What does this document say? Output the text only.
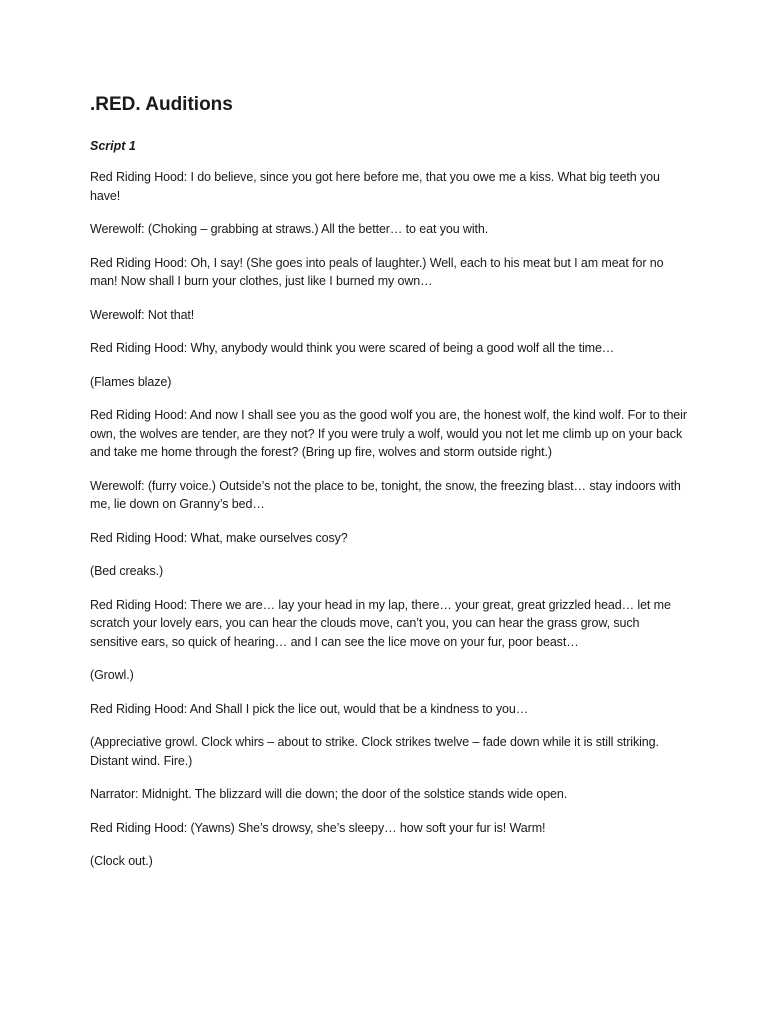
.RED. Auditions
Script 1

Red Riding Hood: I do believe, since you got here before me, that you owe me a kiss. What big teeth you have!

Werewolf: (Choking – grabbing at straws.) All the better… to eat you with.

Red Riding Hood: Oh, I say! (She goes into peals of laughter.) Well, each to his meat but I am meat for no man! Now shall I burn your clothes, just like I burned my own…

Werewolf: Not that!

Red Riding Hood: Why, anybody would think you were scared of being a good wolf all the time…

(Flames blaze)

Red Riding Hood: And now I shall see you as the good wolf you are, the honest wolf, the kind wolf. For to their own, the wolves are tender, are they not? If you were truly a wolf, would you not let me climb up on your back and take me home through the forest? (Bring up fire, wolves and storm outside right.)

Werewolf: (furry voice.) Outside’s not the place to be, tonight, the snow, the freezing blast… stay indoors with me, lie down on Granny’s bed…

Red Riding Hood: What, make ourselves cosy?

(Bed creaks.)

Red Riding Hood: There we are… lay your head in my lap, there… your great, great grizzled head… let me scratch your lovely ears, you can hear the clouds move, can’t you, you can hear the grass grow, such sensitive ears, so quick of hearing… and I can see the lice move on your fur, poor beast…

(Growl.)

Red Riding Hood: And Shall I pick the lice out, would that be a kindness to you…

(Appreciative growl. Clock whirs – about to strike. Clock strikes twelve – fade down while it is still striking. Distant wind. Fire.)

Narrator: Midnight. The blizzard will die down; the door of the solstice stands wide open.

Red Riding Hood: (Yawns) She’s drowsy, she’s sleepy… how soft your fur is! Warm!

(Clock out.)
